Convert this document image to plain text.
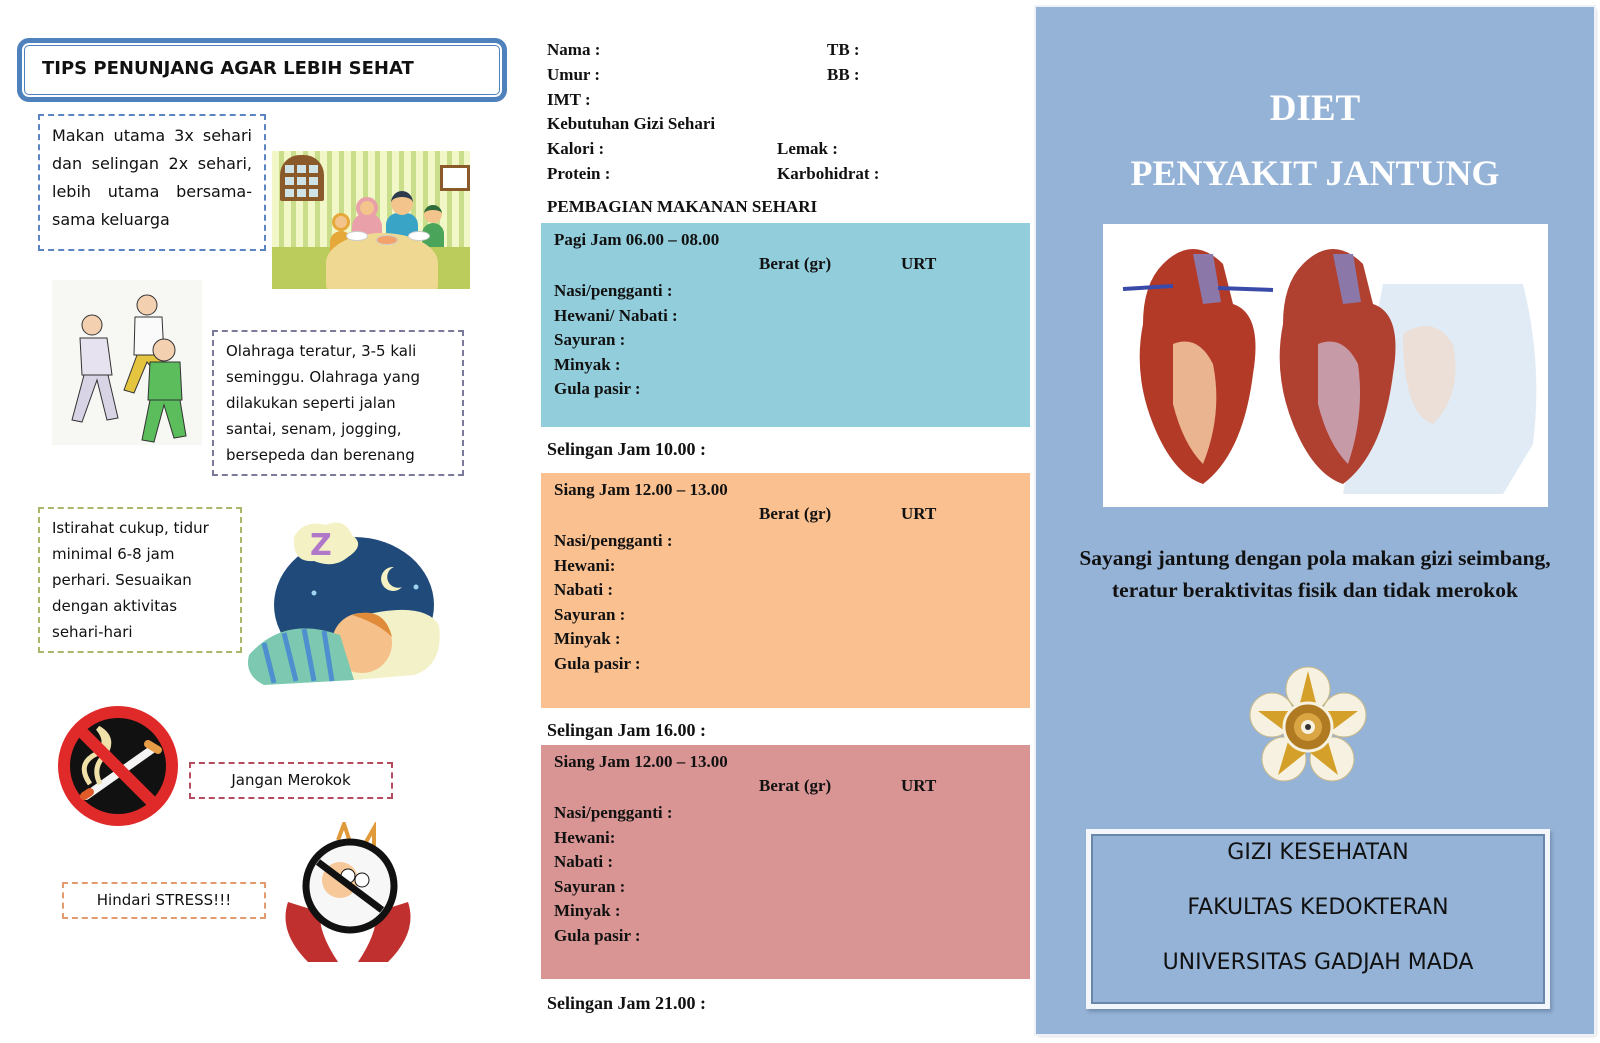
TIPS PENUNJANG AGAR LEBIH SEHAT
Makan utama 3x sehari dan selingan 2x sehari, lebih utama bersama-sama keluarga
Olahraga teratur, 3-5 kali seminggu. Olahraga yang dilakukan seperti jalan santai, senam, jogging, bersepeda dan berenang
Istirahat cukup, tidur minimal 6-8 jam perhari. Sesuaikan dengan aktivitas sehari-hari
Z
Jangan Merokok
Hindari STRESS!!!
Nama :	TB :
Umur :	BB :
IMT :
Kebutuhan Gizi Sehari
Kalori :	Lemak :
Protein :	Karbohidrat :
PEMBAGIAN MAKANAN SEHARI
Pagi Jam 06.00 – 08.00
Berat (gr)	URT
Nasi/pengganti :
Hewani/ Nabati :
Sayuran :
Minyak :
Gula pasir :
Selingan Jam 10.00 :
Siang Jam 12.00 – 13.00
Berat (gr)	URT
Nasi/pengganti :
Hewani:
Nabati :
Sayuran :
Minyak :
Gula pasir :
Selingan Jam 16.00 :
Siang Jam 12.00 – 13.00
Berat (gr)	URT
Nasi/pengganti :
Hewani:
Nabati :
Sayuran :
Minyak :
Gula pasir :
Selingan Jam 21.00 :
DIET
PENYAKIT JANTUNG
Sayangi jantung dengan pola makan gizi seimbang,
teratur beraktivitas fisik dan tidak merokok
GIZI KESEHATAN
FAKULTAS KEDOKTERAN
UNIVERSITAS GADJAH MADA
